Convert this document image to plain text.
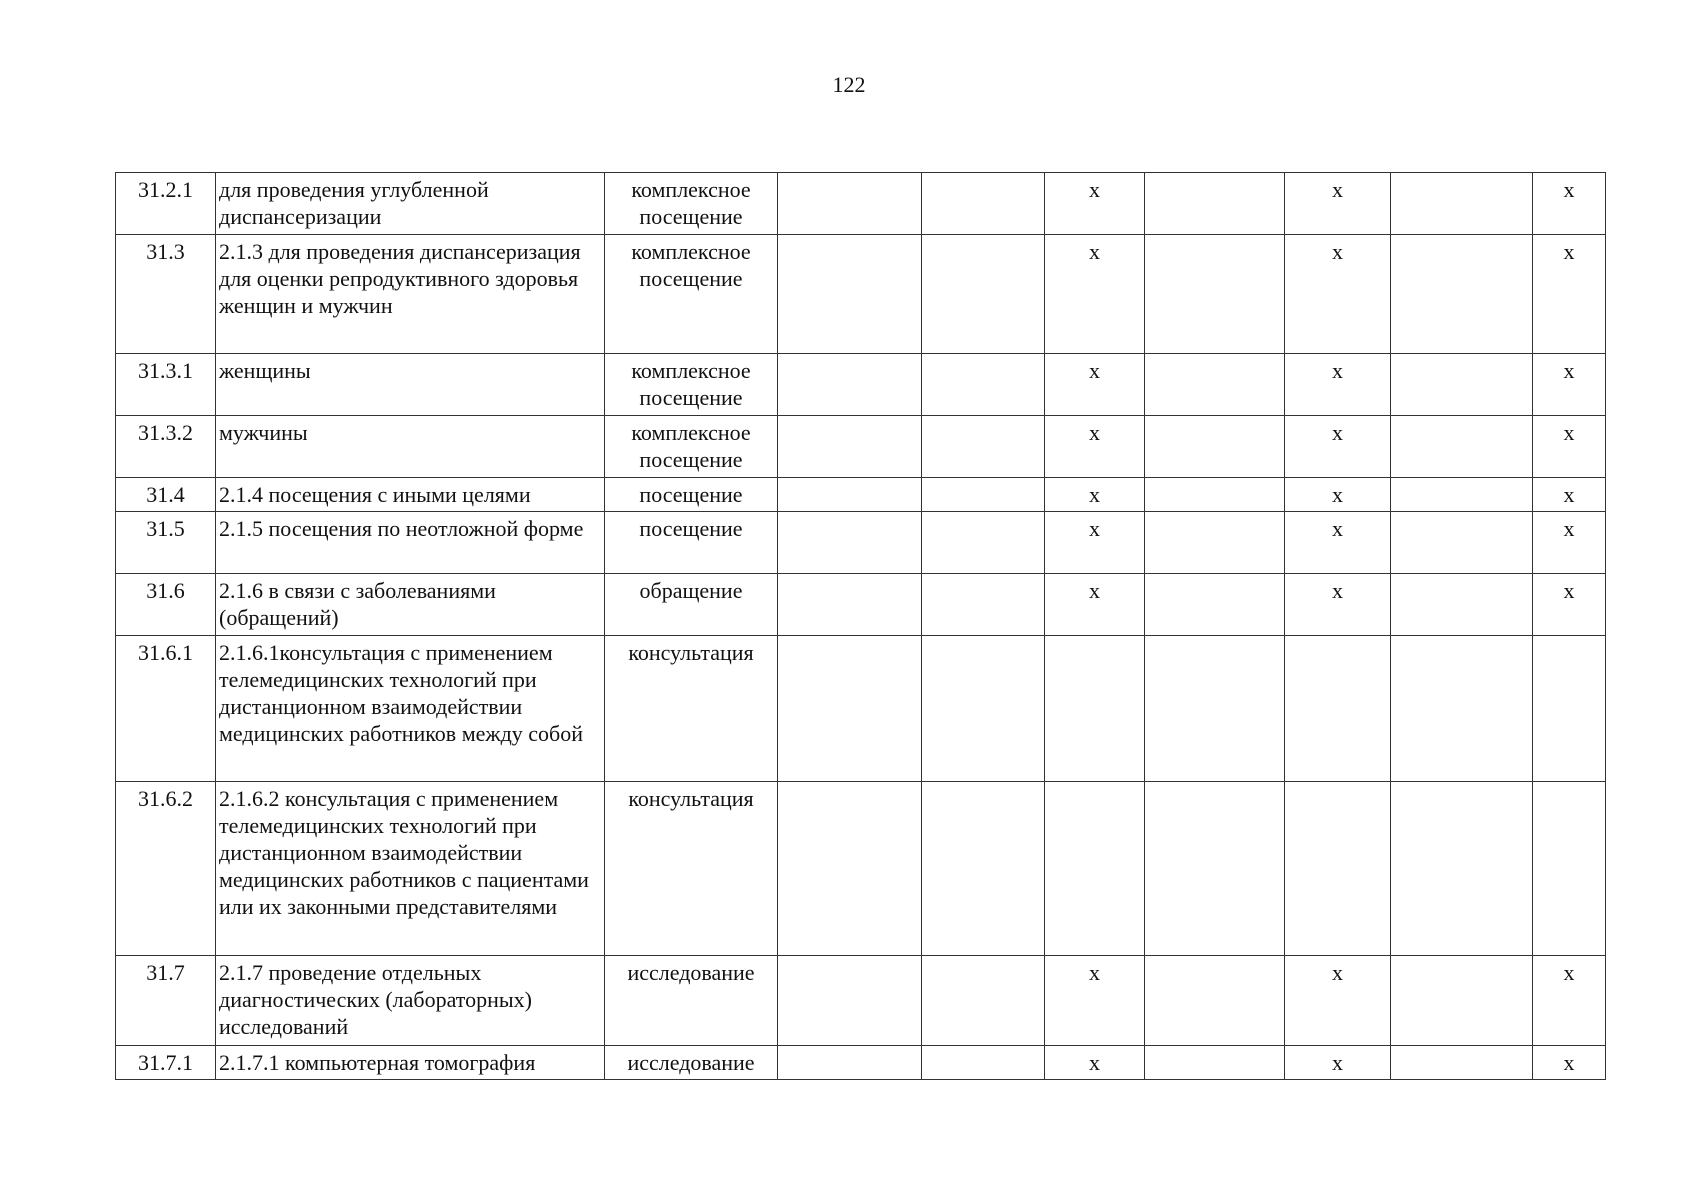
122
31.2.1	для проведения углубленной диспансеризации	комплексное посещение			х		х		х
31.3	2.1.3 для проведения диспансеризация для оценки репродуктивного здоровья женщин и мужчин	комплексное посещение			х		х		х
31.3.1	женщины	комплексное посещение			х		х		х
31.3.2	мужчины	комплексное посещение			х		х		х
31.4	2.1.4 посещения с иными целями	посещение			х		х		х
31.5	2.1.5 посещения по неотложной форме	посещение			х		х		х
31.6	2.1.6 в связи с заболеваниями (обращений)	обращение			х		х		х
31.6.1	2.1.6.1консультация с применением телемедицинских технологий при дистанционном взаимодействии медицинских работников между собой	консультация							
31.6.2	2.1.6.2 консультация с применением телемедицинских технологий при дистанционном взаимодействии медицинских работников с пациентами или их законными представителями	консультация							
31.7	2.1.7 проведение отдельных диагностических (лабораторных) исследований	исследование			х		х		х
31.7.1	2.1.7.1 компьютерная томография	исследование			х		х		х
